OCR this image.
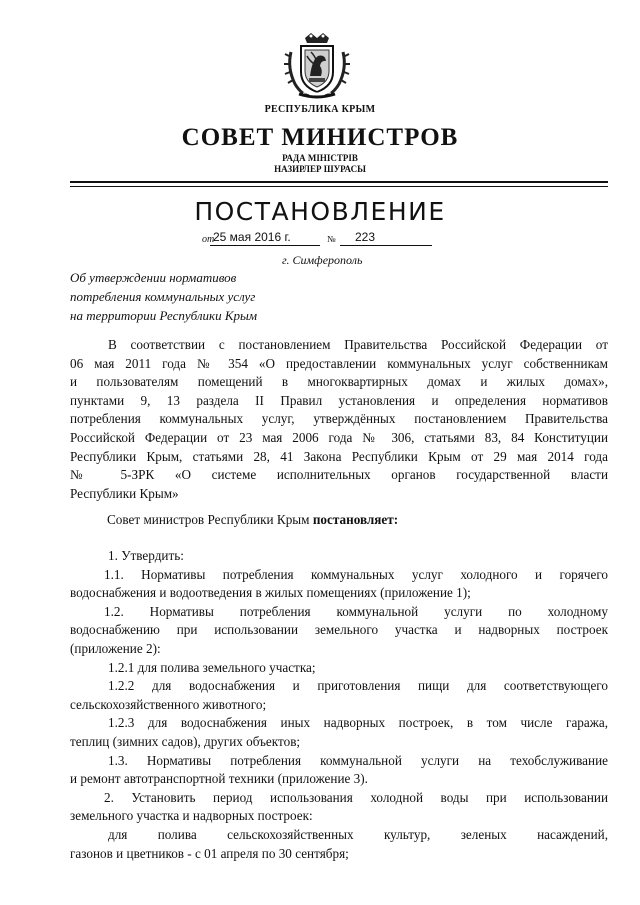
РЕСПУБЛИКА КРЫМ
СОВЕТ МИНИСТРОВ
РАДА МІНІСТРІВ
НАЗИРЛЕР ШУРАСЫ
ПОСТАНОВЛЕНИЕ
от
25 мая 2016 г.	№ 223
г. Симферополь
Об утверждении нормативов
потребления коммунальных услуг
на территории Республики Крым
В соответствии с постановлением Правительства Российской Федерации от
06 мая 2011 года № 354 «О предоставлении коммунальных услуг собственникам
и пользователям помещений в многоквартирных домах и жилых домах»,
пунктами 9, 13 раздела II Правил установления и определения нормативов
потребления коммунальных услуг, утверждённых постановлением Правительства
Российской Федерации от 23 мая 2006 года № 306, статьями 83, 84 Конституции
Республики Крым, статьями 28, 41 Закона Республики Крым от 29 мая 2014 года
№ 5-ЗРК «О системе исполнительных органов государственной власти
Республики Крым»
Совет министров Республики Крым постановляет:
1. Утвердить:
1.1. Нормативы потребления коммунальных услуг холодного и горячего
водоснабжения и водоотведения в жилых помещениях (приложение 1);
1.2. Нормативы потребления коммунальной услуги по холодному
водоснабжению при использовании земельного участка и надворных построек
(приложение 2):
1.2.1 для полива земельного участка;
1.2.2 для водоснабжения и приготовления пищи для соответствующего
сельскохозяйственного животного;
1.2.3 для водоснабжения иных надворных построек, в том числе гаража,
теплиц (зимних садов), других объектов;
1.3. Нормативы потребления коммунальной услуги на техобслуживание
и ремонт автотранспортной техники (приложение 3).
2. Установить период использования холодной воды при использовании
земельного участка и надворных построек:
для полива сельскохозяйственных культур, зеленых насаждений,
газонов и цветников - с 01 апреля по 30 сентября;
